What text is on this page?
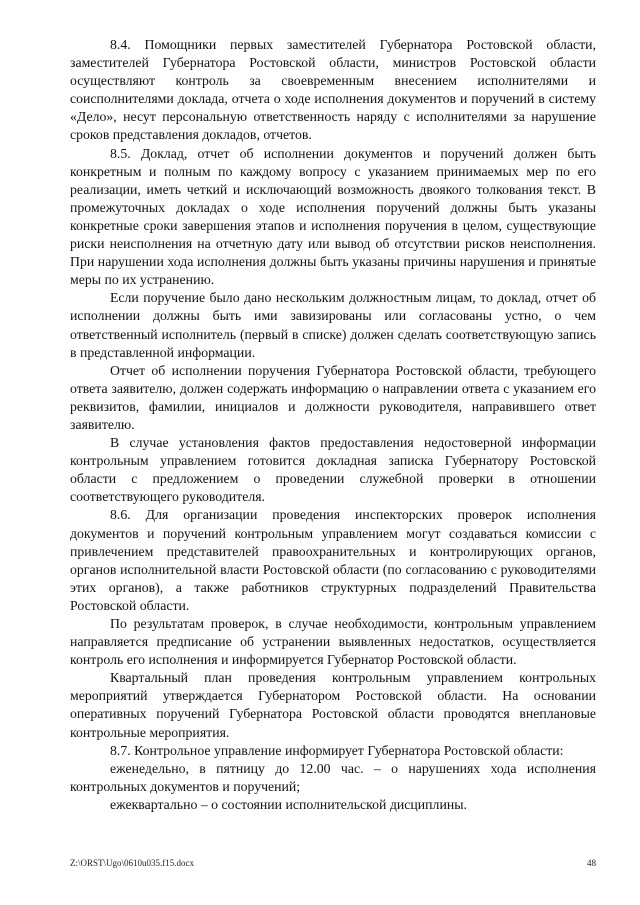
8.4. Помощники первых заместителей Губернатора Ростовской области, заместителей Губернатора Ростовской области, министров Ростовской области осуществляют контроль за своевременным внесением исполнителями и соисполнителями доклада, отчета о ходе исполнения документов и поручений в систему «Дело», несут персональную ответственность наряду с исполнителями за нарушение сроков представления докладов, отчетов.

8.5. Доклад, отчет об исполнении документов и поручений должен быть конкретным и полным по каждому вопросу с указанием принимаемых мер по его реализации, иметь четкий и исключающий возможность двоякого толкования текст. В промежуточных докладах о ходе исполнения поручений должны быть указаны конкретные сроки завершения этапов и исполнения поручения в целом, существующие риски неисполнения на отчетную дату или вывод об отсутствии рисков неисполнения. При нарушении хода исполнения должны быть указаны причины нарушения и принятые меры по их устранению.

Если поручение было дано нескольким должностным лицам, то доклад, отчет об исполнении должны быть ими завизированы или согласованы устно, о чем ответственный исполнитель (первый в списке) должен сделать соответствующую запись в представленной информации.

Отчет об исполнении поручения Губернатора Ростовской области, требующего ответа заявителю, должен содержать информацию о направлении ответа с указанием его реквизитов, фамилии, инициалов и должности руководителя, направившего ответ заявителю.

В случае установления фактов предоставления недостоверной информации контрольным управлением готовится докладная записка Губернатору Ростовской области с предложением о проведении служебной проверки в отношении соответствующего руководителя.

8.6. Для организации проведения инспекторских проверок исполнения документов и поручений контрольным управлением могут создаваться комиссии с привлечением представителей правоохранительных и контролирующих органов, органов исполнительной власти Ростовской области (по согласованию с руководителями этих органов), а также работников структурных подразделений Правительства Ростовской области.

По результатам проверок, в случае необходимости, контрольным управлением направляется предписание об устранении выявленных недостатков, осуществляется контроль его исполнения и информируется Губернатор Ростовской области.

Квартальный план проведения контрольным управлением контрольных мероприятий утверждается Губернатором Ростовской области. На основании оперативных поручений Губернатора Ростовской области проводятся внеплановые контрольные мероприятия.

8.7. Контрольное управление информирует Губернатора Ростовской области:

еженедельно, в пятницу до 12.00 час. – о нарушениях хода исполнения контрольных документов и поручений;

ежеквартально – о состоянии исполнительской дисциплины.

Z:\ORST\Ugo\0610u035.f15.docx	48
